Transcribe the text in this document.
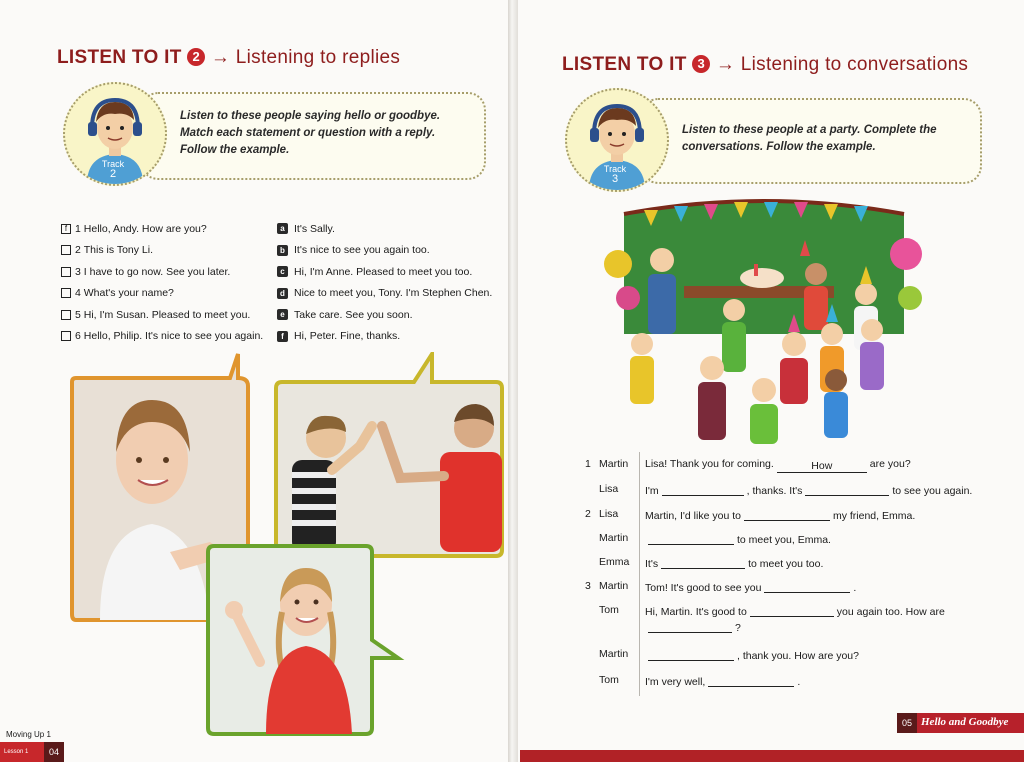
LISTEN TO IT 2 → Listening to replies
Listen to these people saying hello or goodbye.
Match each statement or question with a reply.
Follow the example.
Track
2
f 1
Hello, Andy. How are you?
2
This is Tony Li.
3
I have to go now. See you later.
4
What's your name?
5
Hi, I'm Susan. Pleased to meet you.
6
Hello, Philip. It's nice to see you again.
a It's Sally.
b It's nice to see you again too.
c Hi, I'm Anne. Pleased to meet you too.
d Nice to meet you, Tony. I'm Stephen Chen.
e Take care. See you soon.
f Hi, Peter. Fine, thanks.
Moving Up 1
Lesson 1	04
LISTEN TO IT 3 → Listening to conversations
Listen to these people at a party. Complete the
conversations. Follow the example.
Track
3
1 Martin Lisa! Thank you for coming.	How	are you?
Lisa	I'm	, thanks. It's	to see you again.
2 Lisa	Martin, I'd like you to	my friend, Emma.
Martin	to meet you, Emma.
Emma It's	to meet you too.
3 Martin Tom! It's good to see you	.
Tom Hi, Martin. It's good to	you again too. How are
?
Martin	, thank you. How are you?
Tom I'm very well,	.
05 Hello and Goodbye
